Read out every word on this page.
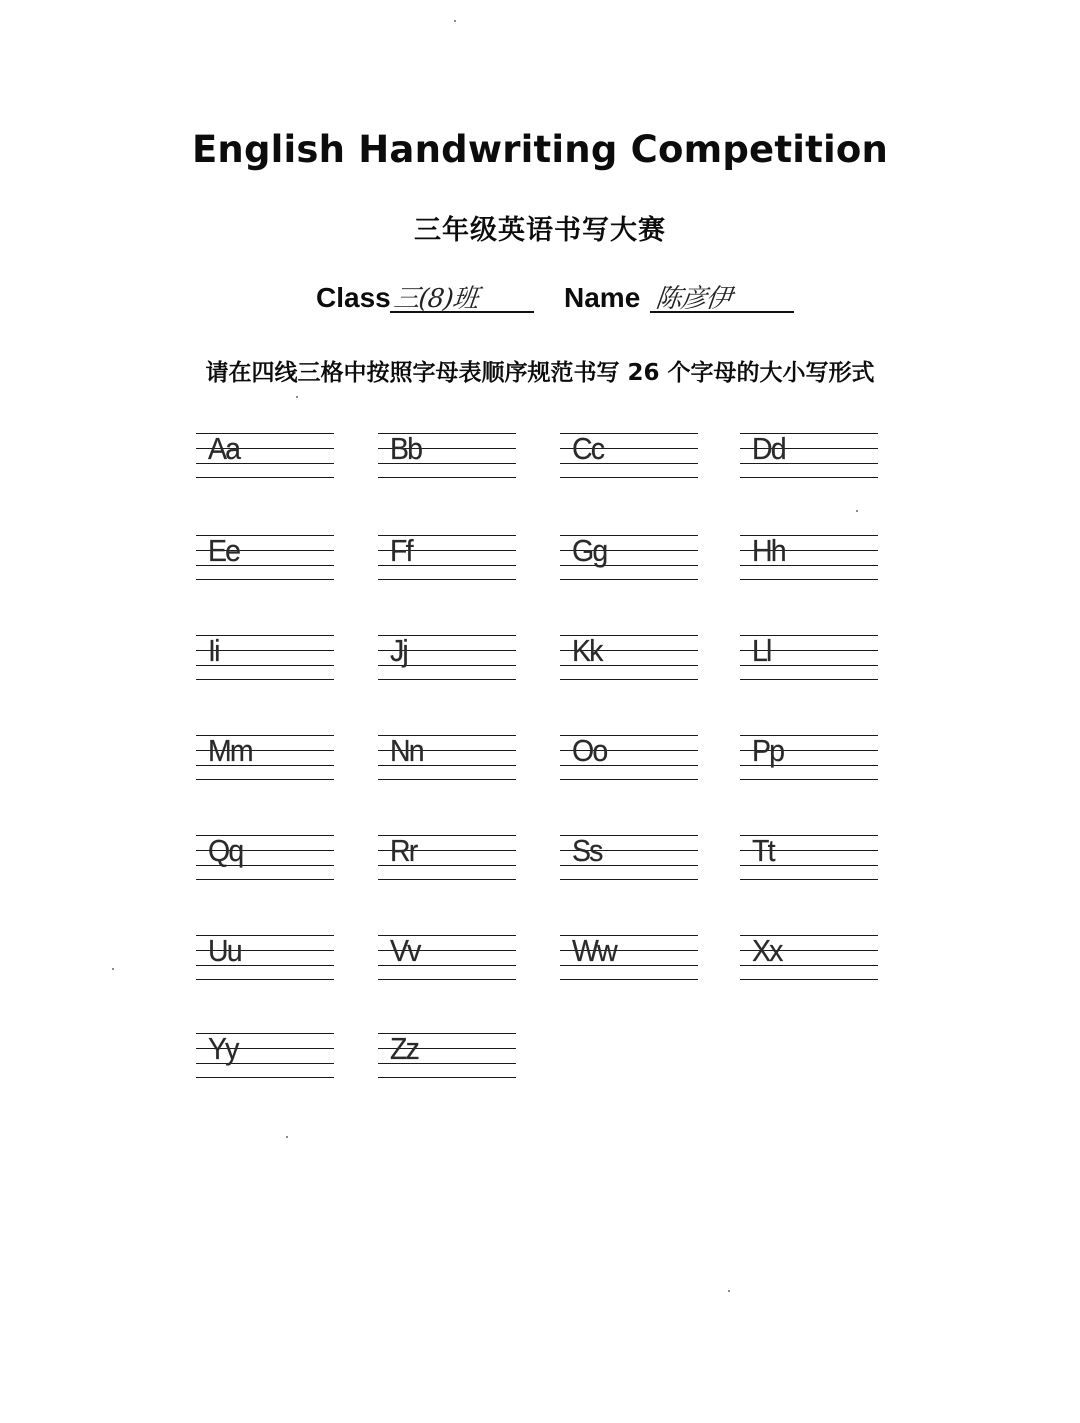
English Handwriting Competition
三年级英语书写大赛
Class 三(8)班	Name 陈彦伊
请在四线三格中按照字母表顺序规范书写 26 个字母的大小写形式
Aa	Bb	Cc	Dd
Ee	Ff	Gg	Hh
Ii	Jj	Kk	Ll
Mm	Nn	Oo	Pp
Qq	Rr	Ss	Tt
Uu	Vv	Ww	Xx
Yy	Zz
